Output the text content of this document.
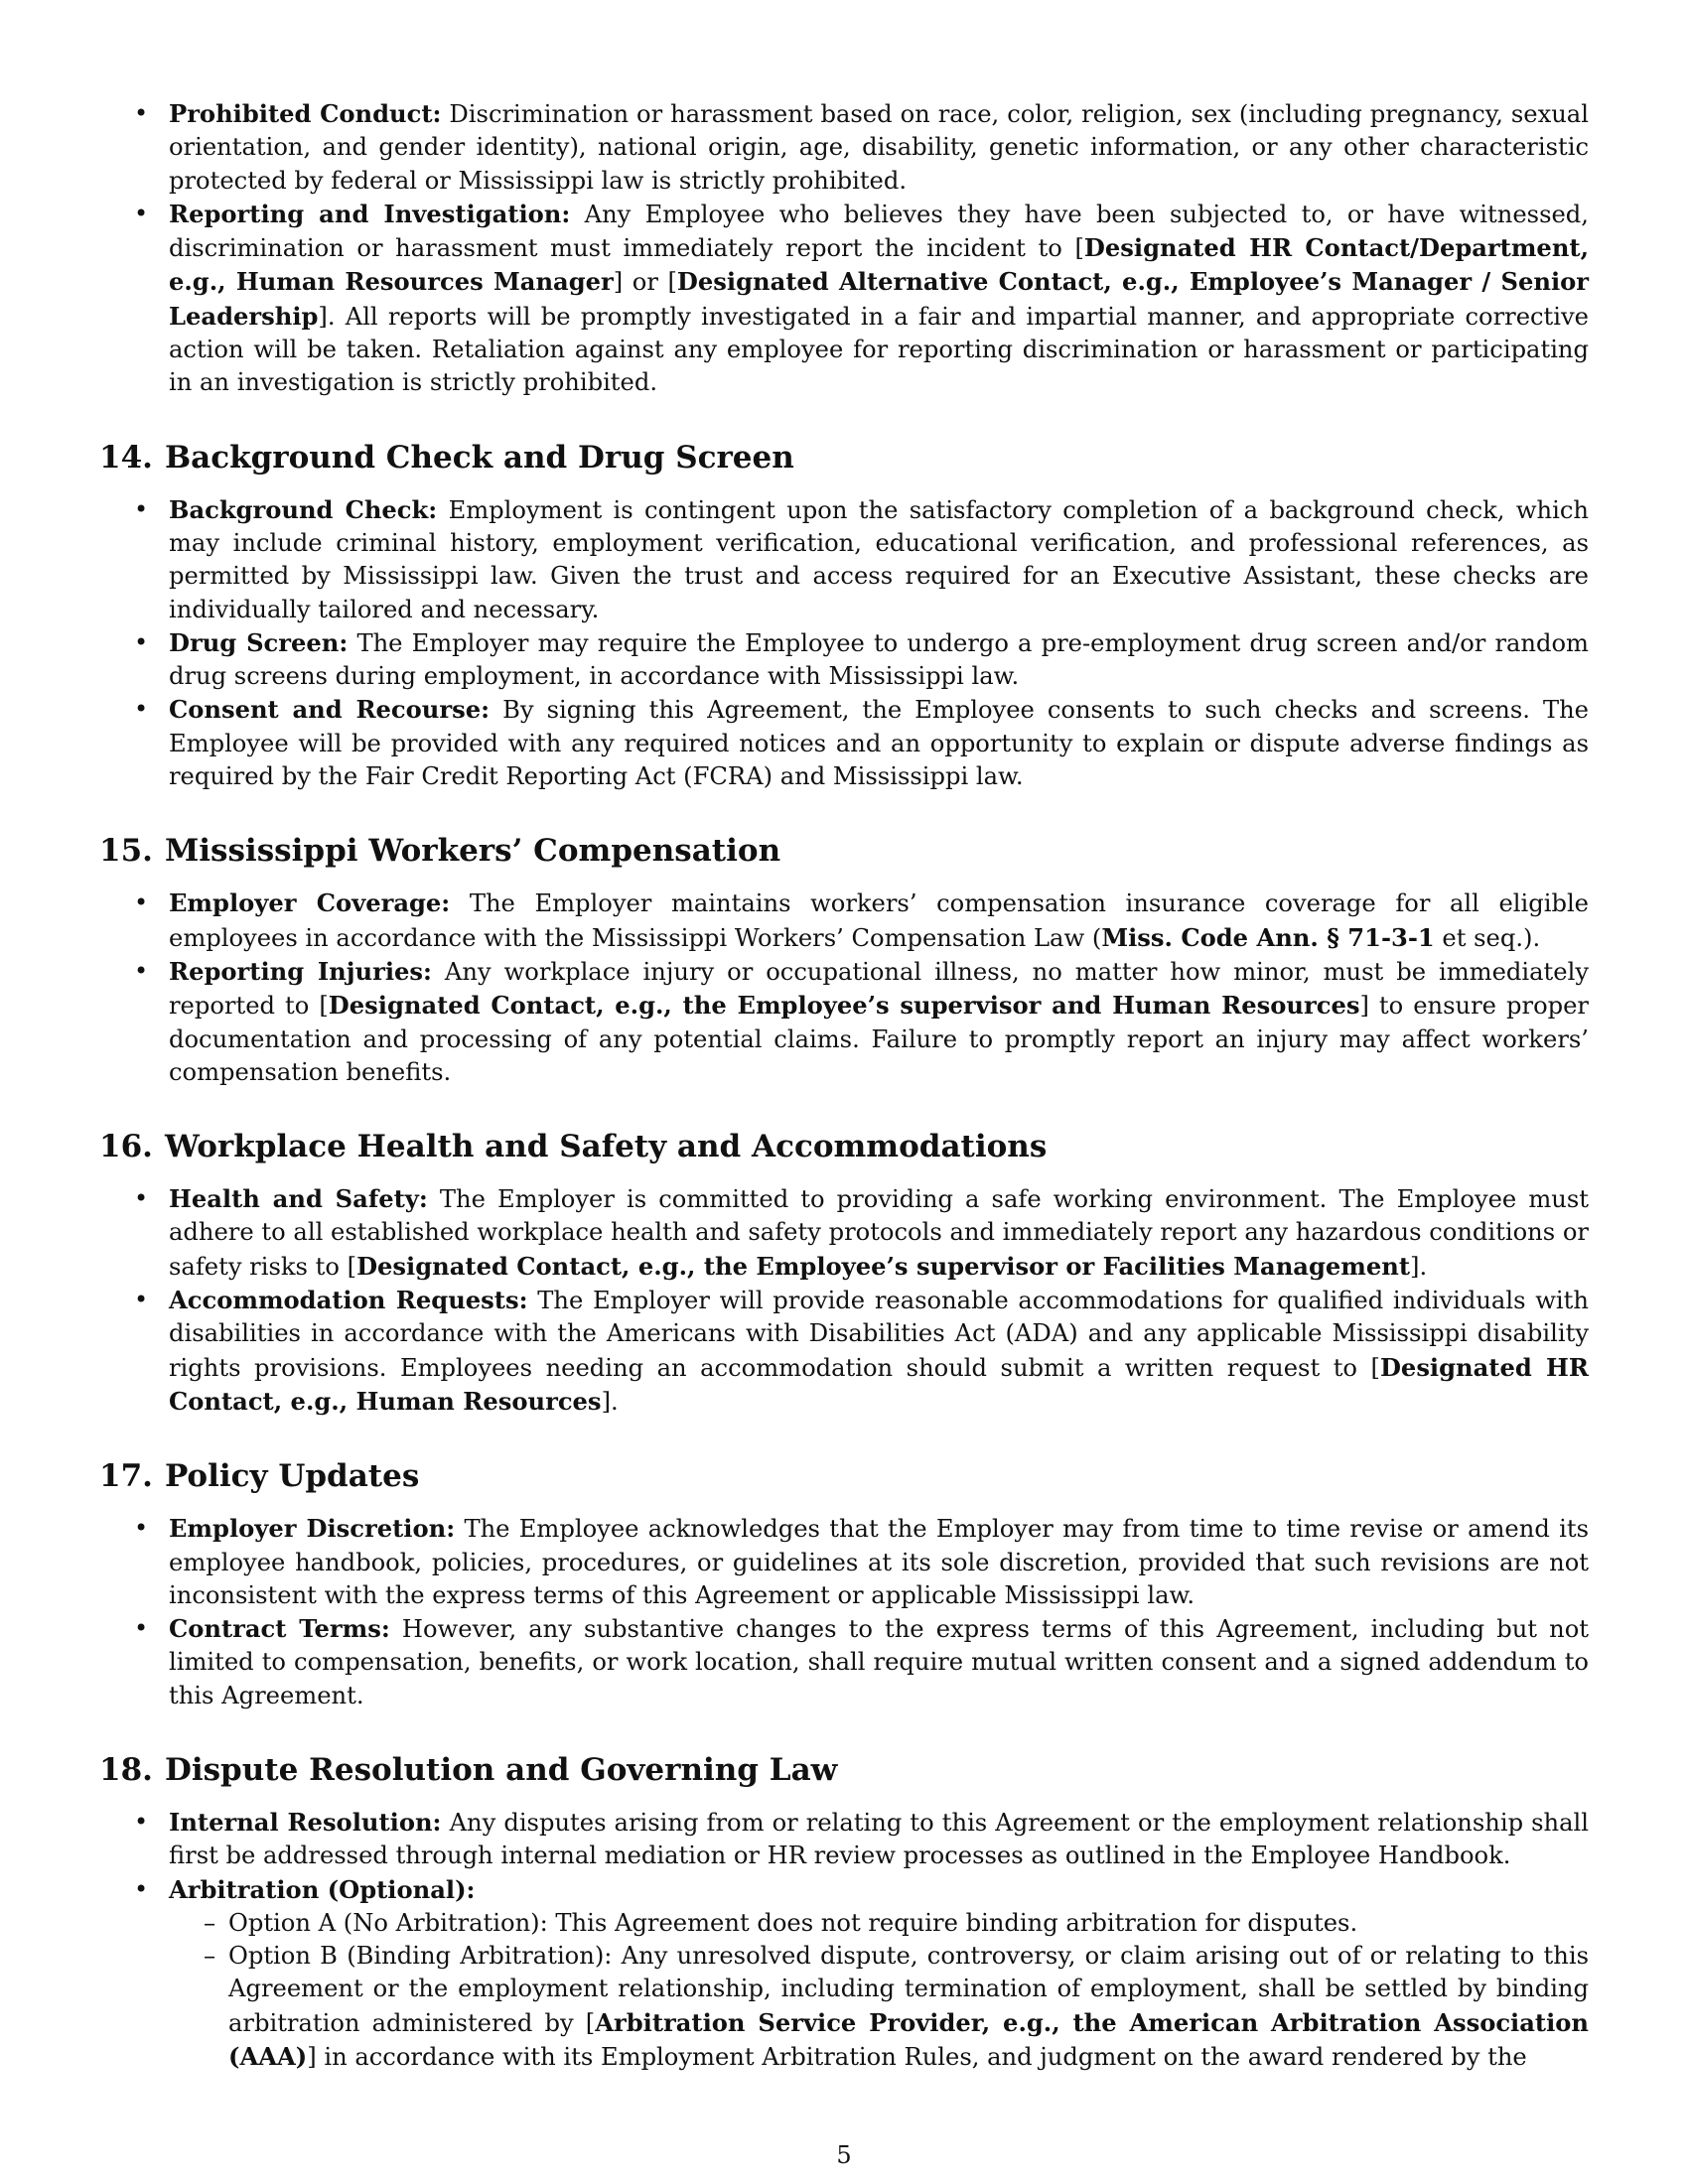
• Prohibited Conduct: Discrimination or harassment based on race, color, religion, sex (including pregnancy, sexual orientation, and gender identity), national origin, age, disability, genetic information, or any other characteristic protected by federal or Mississippi law is strictly prohibited.
• Reporting and Investigation: Any Employee who believes they have been subjected to, or have witnessed, discrimination or harassment must immediately report the incident to [Designated HR Contact/Department, e.g., Human Resources Manager] or [Designated Alternative Contact, e.g., Employee’s Manager / Senior Leadership]. All reports will be promptly investigated in a fair and impartial manner, and appropriate corrective action will be taken. Retaliation against any employee for reporting discrimination or harassment or participating in an investigation is strictly prohibited.
14. Background Check and Drug Screen
• Background Check: Employment is contingent upon the satisfactory completion of a background check, which may include criminal history, employment verification, educational verification, and professional references, as permitted by Mississippi law. Given the trust and access required for an Executive Assistant, these checks are individually tailored and necessary.
• Drug Screen: The Employer may require the Employee to undergo a pre-employment drug screen and/or random drug screens during employment, in accordance with Mississippi law.
• Consent and Recourse: By signing this Agreement, the Employee consents to such checks and screens. The Employee will be provided with any required notices and an opportunity to explain or dispute adverse findings as required by the Fair Credit Reporting Act (FCRA) and Mississippi law.
15. Mississippi Workers’ Compensation
• Employer Coverage: The Employer maintains workers’ compensation insurance coverage for all eligible employees in accordance with the Mississippi Workers’ Compensation Law (Miss. Code Ann. § 71-3-1 et seq.).
• Reporting Injuries: Any workplace injury or occupational illness, no matter how minor, must be immediately reported to [Designated Contact, e.g., the Employee’s supervisor and Human Resources] to ensure proper documentation and processing of any potential claims. Failure to promptly report an injury may affect workers’ compensation benefits.
16. Workplace Health and Safety and Accommodations
• Health and Safety: The Employer is committed to providing a safe working environment. The Employee must adhere to all established workplace health and safety protocols and immediately report any hazardous conditions or safety risks to [Designated Contact, e.g., the Employee’s supervisor or Facilities Management].
• Accommodation Requests: The Employer will provide reasonable accommodations for qualified individuals with disabilities in accordance with the Americans with Disabilities Act (ADA) and any applicable Mississippi disability rights provisions. Employees needing an accommodation should submit a written request to [Designated HR Contact, e.g., Human Resources].
17. Policy Updates
• Employer Discretion: The Employee acknowledges that the Employer may from time to time revise or amend its employee handbook, policies, procedures, or guidelines at its sole discretion, provided that such revisions are not inconsistent with the express terms of this Agreement or applicable Mississippi law.
• Contract Terms: However, any substantive changes to the express terms of this Agreement, including but not limited to compensation, benefits, or work location, shall require mutual written consent and a signed addendum to this Agreement.
18. Dispute Resolution and Governing Law
• Internal Resolution: Any disputes arising from or relating to this Agreement or the employment relationship shall first be addressed through internal mediation or HR review processes as outlined in the Employee Handbook.
• Arbitration (Optional):
– Option A (No Arbitration): This Agreement does not require binding arbitration for disputes.
– Option B (Binding Arbitration): Any unresolved dispute, controversy, or claim arising out of or relating to this Agreement or the employment relationship, including termination of employment, shall be settled by binding arbitration administered by [Arbitration Service Provider, e.g., the American Arbitration Association (AAA)] in accordance with its Employment Arbitration Rules, and judgment on the award rendered by the
5
